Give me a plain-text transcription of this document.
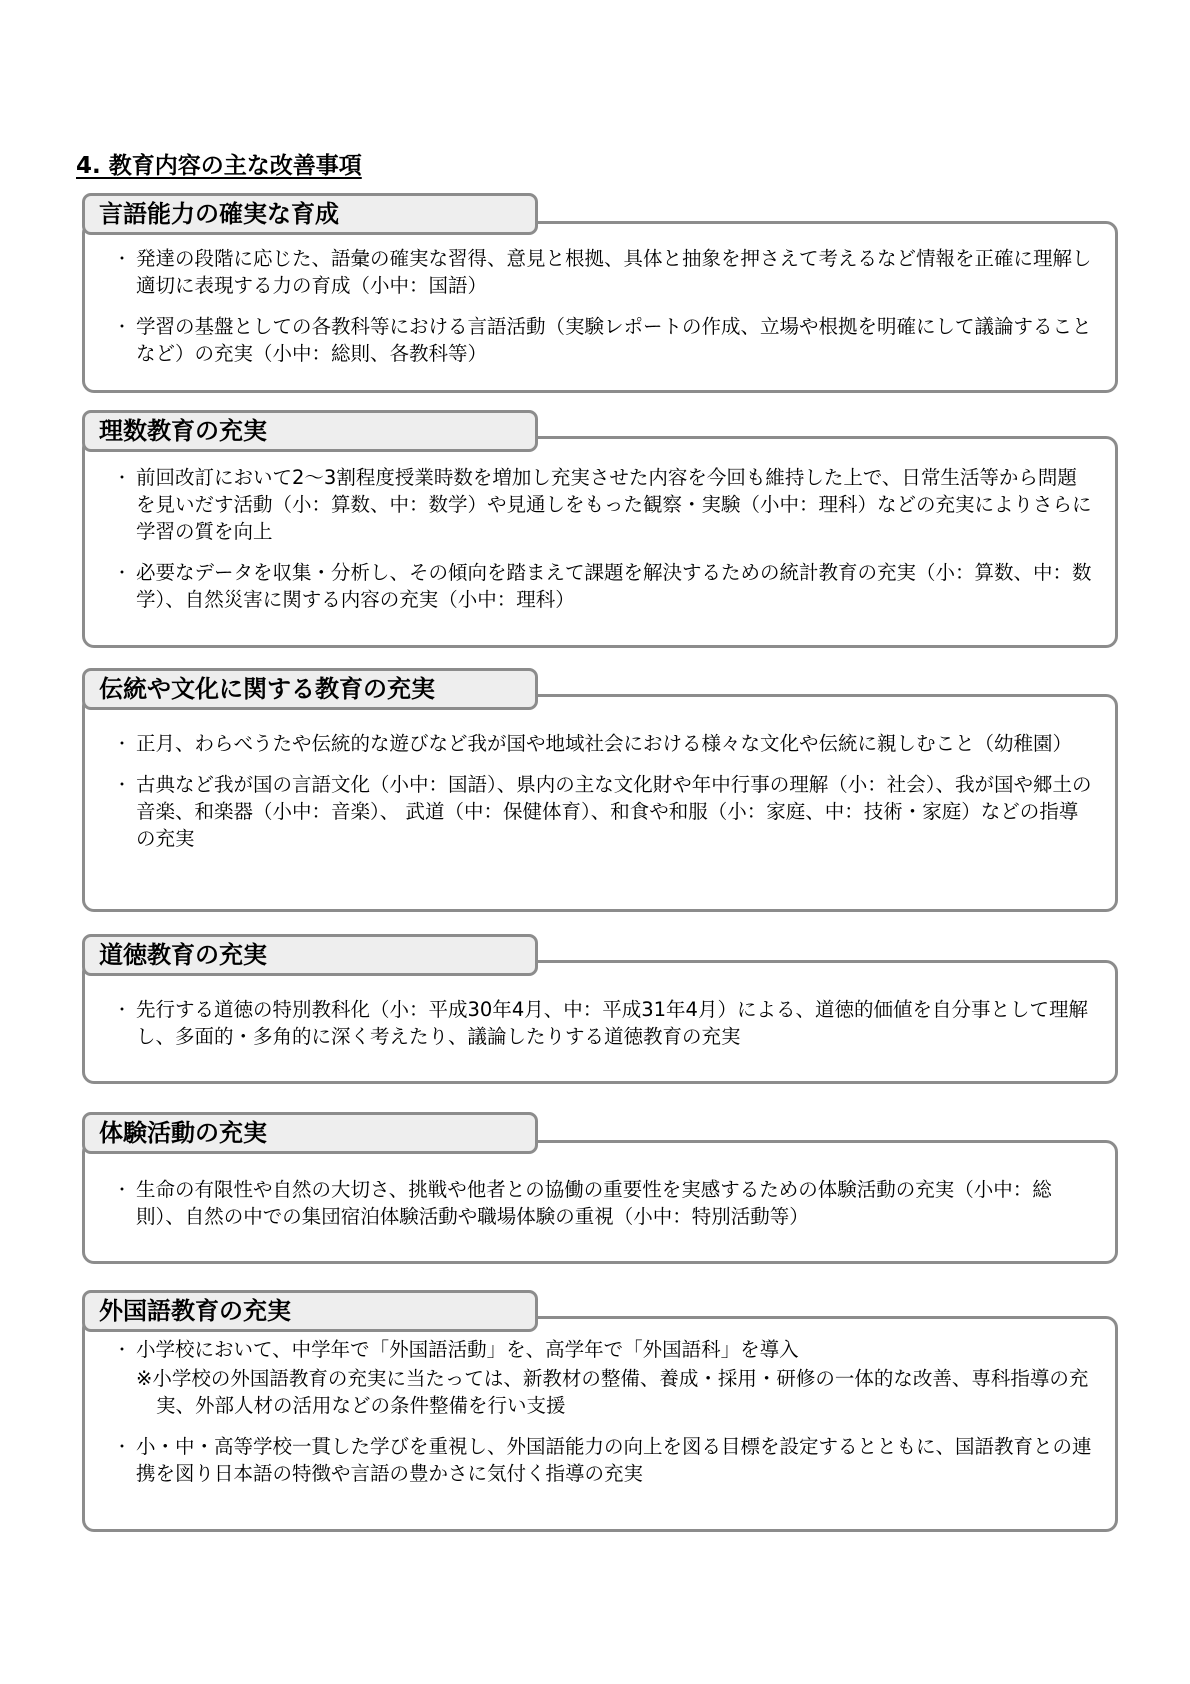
4. 教育内容の主な改善事項
言語能力の確実な育成
・ 発達の段階に応じた、語彙の確実な習得、意見と根拠、具体と抽象を押さえて考えるなど情報を正確に理解し適切に表現する力の育成（小中：国語）
・ 学習の基盤としての各教科等における言語活動（実験レポートの作成、立場や根拠を明確にして議論することなど）の充実（小中：総則、各教科等）
理数教育の充実
・ 前回改訂において2～3割程度授業時数を増加し充実させた内容を今回も維持した上で、日常生活等から問題を見いだす活動（小：算数、中：数学）や見通しをもった観察・実験（小中：理科）などの充実によりさらに学習の質を向上
・ 必要なデータを収集・分析し、その傾向を踏まえて課題を解決するための統計教育の充実（小：算数、中：数学）、自然災害に関する内容の充実（小中：理科）
伝統や文化に関する教育の充実
・ 正月、わらべうたや伝統的な遊びなど我が国や地域社会における様々な文化や伝統に親しむこと（幼稚園）
・ 古典など我が国の言語文化（小中：国語）、県内の主な文化財や年中行事の理解（小：社会）、我が国や郷土の音楽、和楽器（小中：音楽）、 武道（中：保健体育）、和食や和服（小：家庭、中：技術・家庭）などの指導の充実
道徳教育の充実
・ 先行する道徳の特別教科化（小：平成30年4月、中：平成31年4月）による、道徳的価値を自分事として理解し、多面的・多角的に深く考えたり、議論したりする道徳教育の充実
体験活動の充実
・ 生命の有限性や自然の大切さ、挑戦や他者との協働の重要性を実感するための体験活動の充実（小中：総則）、自然の中での集団宿泊体験活動や職場体験の重視（小中：特別活動等）
外国語教育の充実
・ 小学校において、中学年で「外国語活動」を、高学年で「外国語科」を導入
※小学校の外国語教育の充実に当たっては、新教材の整備、養成・採用・研修の一体的な改善、専科指導の充実、外部人材の活用などの条件整備を行い支援
・ 小・中・高等学校一貫した学びを重視し、外国語能力の向上を図る目標を設定するとともに、国語教育との連携を図り日本語の特徴や言語の豊かさに気付く指導の充実
